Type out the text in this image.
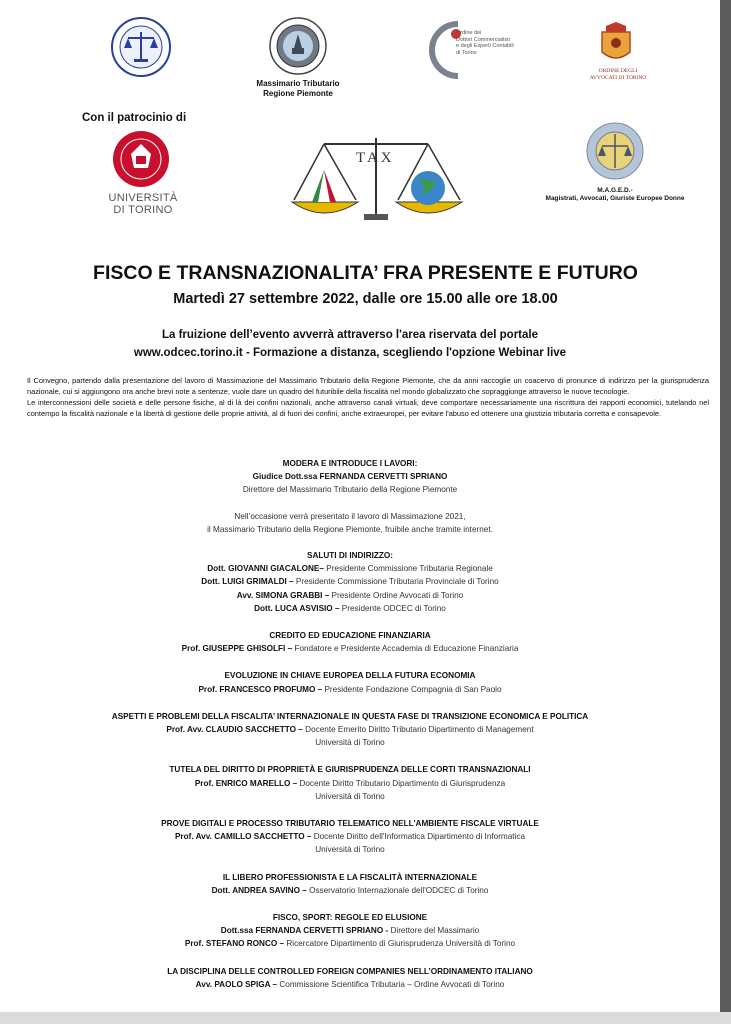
Massimario Tributario
Regione Piemonte
Ordine dei
Dottori Commercialisti
e degli Esperti Contabili
di Torino
ORDINE DEGLI
AVVOCATI DI TORINO
Con il patrocinio di
UNIVERSITÀ
DI TORINO
TAX
M.A.G.E.D.-
Magistrati, Avvocati, Giuriste Europee Donne
FISCO E TRANSNAZIONALITA’ FRA PRESENTE E FUTURO
Martedì 27 settembre 2022, dalle ore 15.00 alle ore 18.00
La fruizione dell’evento avverrà attraverso l'area riservata del portale
www.odcec.torino.it - Formazione a distanza, scegliendo l'opzione Webinar live

Il Convegno, partendo dalla presentazione del lavoro di Massimazione del Massimario Tributario della Regione Piemonte, che da anni raccoglie un coacervo di pronunce di indirizzo per la giurisprudenza nazionale, cui si aggiungono ora anche brevi note a sentenze, vuole dare un quadro del futuribile della fiscalità nel mondo globalizzato che sopraggiunge attraverso le nuove tecnologie.

Le interconnessioni delle società e delle persone fisiche, al di là dei confini nazionali, anche attraverso canali virtuali, deve comportare necessariamente una riscrittura dei rapporti economici, tutelando nel contempo la fiscalità nazionale e la libertà di gestione delle proprie attività, al di fuori dei confini, anche extraeuropei, per evitare l'abuso ed ottenere una giustizia tributaria corretta e consapevole.

MODERA E INTRODUCE I LAVORI:
Giudice Dott.ssa FERNANDA CERVETTI SPRIANO
Direttore del Massimario Tributario della Regione Piemonte
Nell’occasione verrà presentato il lavoro di Massimazione 2021,
il Massimario Tributario della Regione Piemonte, fruibile anche tramite internet.
SALUTI DI INDIRIZZO:
Dott. GIOVANNI GIACALONE– Presidente Commissione Tributaria Regionale
Dott. LUIGI GRIMALDI – Presidente Commissione Tributaria Provinciale di Torino
Avv. SIMONA GRABBI – Presidente Ordine Avvocati di Torino
Dott. LUCA ASVISIO – Presidente ODCEC di Torino
CREDITO ED EDUCAZIONE FINANZIARIA
Prof. GIUSEPPE GHISOLFI – Fondatore e Presidente Accademia di Educazione Finanziaria
EVOLUZIONE IN CHIAVE EUROPEA DELLA FUTURA ECONOMIA
Prof. FRANCESCO PROFUMO – Presidente Fondazione Compagnia di San Paolo
ASPETTI E PROBLEMI DELLA FISCALITA’ INTERNAZIONALE IN QUESTA FASE DI TRANSIZIONE ECONOMICA E POLITICA
Prof. Avv. CLAUDIO SACCHETTO – Docente Emerito Diritto Tributario Dipartimento di Management
Università di Torino
TUTELA DEL DIRITTO DI PROPRIETÀ E GIURISPRUDENZA DELLE CORTI TRANSNAZIONALI
Prof. ENRICO MARELLO – Docente Diritto Tributario Dipartimento di Giurisprudenza
Università di Torino
PROVE DIGITALI E PROCESSO TRIBUTARIO TELEMATICO NELL'AMBIENTE FISCALE VIRTUALE
Prof. Avv. CAMILLO SACCHETTO – Docente Diritto dell'Informatica Dipartimento di Informatica
Università di Torino
IL LIBERO PROFESSIONISTA E LA FISCALITÀ INTERNAZIONALE
Dott. ANDREA SAVINO – Osservatorio Internazionale dell'ODCEC di Torino
FISCO, SPORT: REGOLE ED ELUSIONE
Dott.ssa FERNANDA CERVETTI SPRIANO - Direttore del Massimario
Prof. STEFANO RONCO – Ricercatore Dipartimento di Giurisprudenza Università di Torino
LA DISCIPLINA DELLE CONTROLLED FOREIGN COMPANIES NELL’ORDINAMENTO ITALIANO
Avv. PAOLO SPIGA – Commissione Scientifica Tributaria – Ordine Avvocati di Torino
